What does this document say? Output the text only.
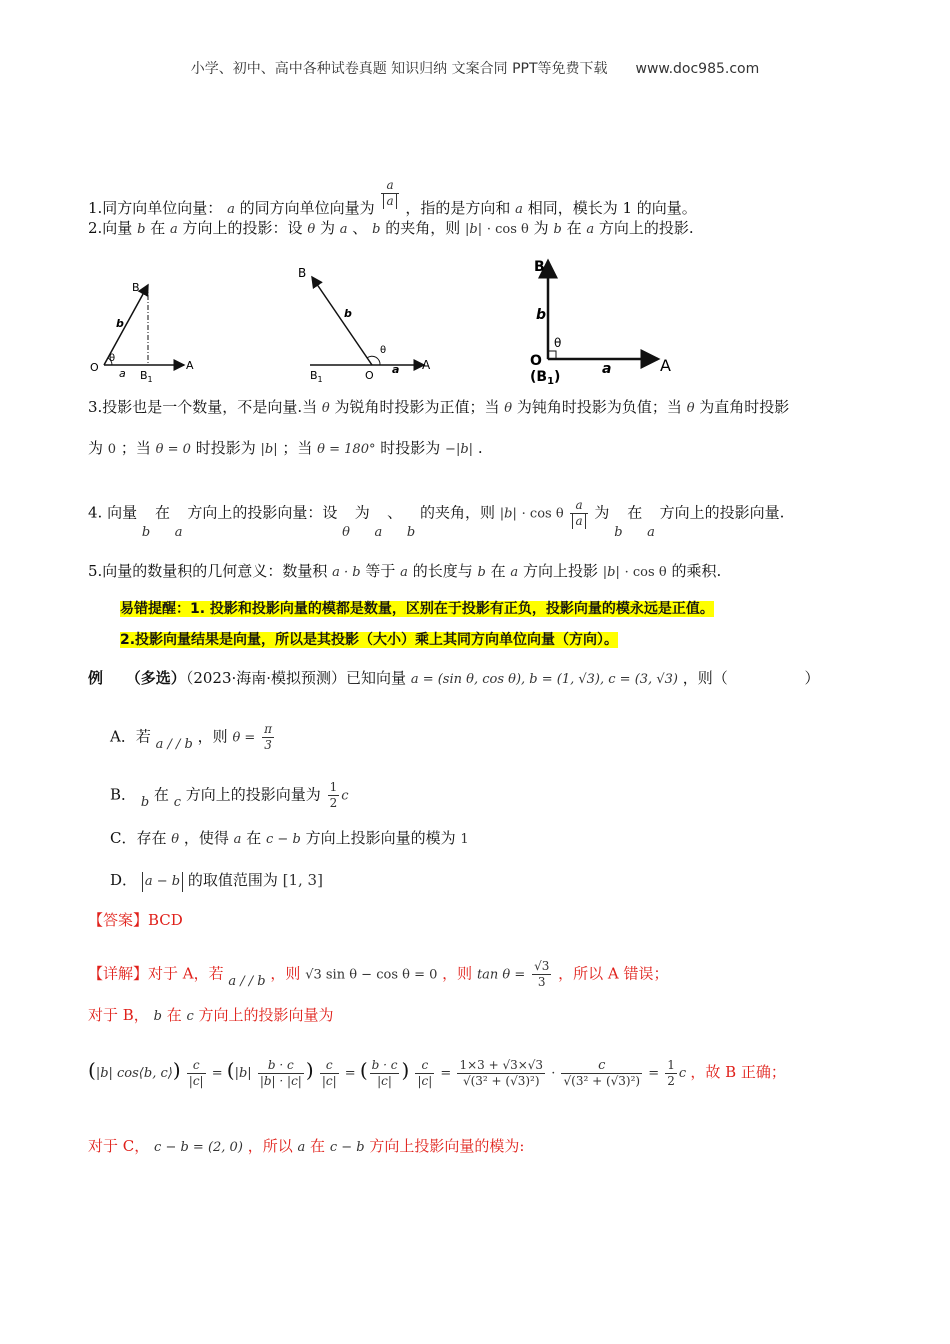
小学、初中、高中各种试卷真题 知识归纳 文案合同 PPT等免费下载 www.doc985.com
1.同方向单位向量： a 的同方向单位向量为 $\frac{a}{a}$ ，指的是方向和 a 相同，模长为 1 的向量。
2.向量 b 在 a 方向上的投影：设 θ 为 a 、 b 的夹角，则 |b| · cos θ 为 b 在 a 方向上的投影.
B
b
θ
O a $B_1$
A
B
b
θ
$B_1$	O a A
B
b
θ
O
$(B_1)$	a	A
3.投影也是一个数量，不是向量.当 θ 为锐角时投影为正值；当 θ 为钝角时投影为负值；当 θ 为直角时投影
为 0 ；当 θ = 0 时投影为 |b| ；当 θ = 180° 时投影为 −|b| .
4. 向量 b 在 a 方向上的投影向量：设 θ 为 a 、 b 的夹角，则 |b| · cos θ $\frac{a}{a}$ 为 b 在 a 方向上的投影向量.
5.向量的数量积的几何意义：数量积 a · b 等于 a 的长度与 b 在 a 方向上投影 |b| · cos θ 的乘积.
易错提醒：1. 投影和投影向量的模都是数量，区别在于投影有正负，投影向量的模永远是正值。
2.投影向量结果是向量，所以是其投影（大小）乘上其同方向单位向量（方向）。
例 （多选）（2023·海南·模拟预测）已知向量 a = (sin θ, cos θ), b = (1, √3), c = (3, √3) ，则（	）
A．若 a / / b ，则 $\theta = \frac{\pi}{3}$
B． b 在 c 方向上的投影向量为 $\frac{1}{2}$ c
C．存在 θ ，使得 a 在 c − b 方向上投影向量的模为 1
D． a − b 的取值范围为 [1, 3]
【答案】BCD
【详解】对于 A，若 a / / b ，则 √3 sin θ − cos θ = 0 ，则 $\tan \theta = \frac{√3}{3}$ ，所以 A 错误；
对于 B， b 在 c 方向上的投影向量为
(|b| cos⟨b, c⟩) $\frac{c}{|c|} = (|b| \frac{b \cdot c}{|b| \cdot |c|}$ ) $\frac{c}{|c|}$ = ( $\frac{b \cdot c}{|c|}$ ) $\frac{c}{|c|} = \frac{1\times 3 + √3\times√3}{\text{√(3² + (√3)²)}} \cdot \frac{c}{\text{√(3² + (√3)²)}} = \frac{1}{2}$ c ，故 B 正确；
对于 C， c − b = (2, 0) ，所以 a 在 c − b 方向上投影向量的模为:
